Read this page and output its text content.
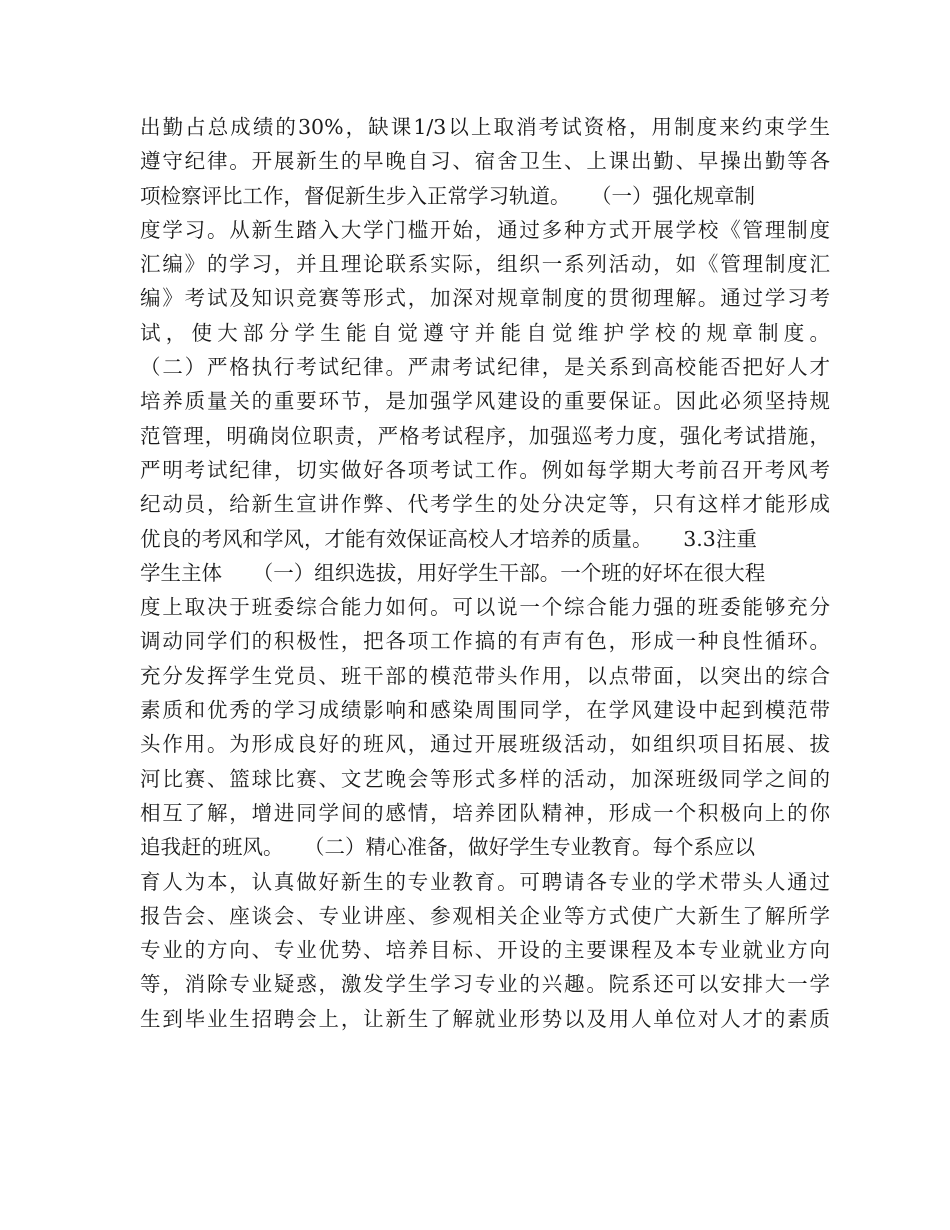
出勤占总成绩的30%，缺课1/3以上取消考试资格，用制度来约束学生
遵守纪律。开展新生的早晚自习、宿舍卫生、上课出勤、早操出勤等各
项检察评比工作，督促新生步入正常学习轨道。　　（一）强化规章制
度学习。从新生踏入大学门槛开始，通过多种方式开展学校《管理制度
汇编》的学习，并且理论联系实际，组织一系列活动，如《管理制度汇
编》考试及知识竞赛等形式，加深对规章制度的贯彻理解。通过学习考
试，使大部分学生能自觉遵守并能自觉维护学校的规章制度。
（二）严格执行考试纪律。严肃考试纪律，是关系到高校能否把好人才
培养质量关的重要环节，是加强学风建设的重要保证。因此必须坚持规
范管理，明确岗位职责，严格考试程序，加强巡考力度，强化考试措施，
严明考试纪律，切实做好各项考试工作。例如每学期大考前召开考风考
纪动员，给新生宣讲作弊、代考学生的处分决定等，只有这样才能形成
优良的考风和学风，才能有效保证高校人才培养的质量。　　3.3注重
学生主体　　（一）组织选拔，用好学生干部。一个班的好坏在很大程
度上取决于班委综合能力如何。可以说一个综合能力强的班委能够充分
调动同学们的积极性，把各项工作搞的有声有色，形成一种良性循环。
充分发挥学生党员、班干部的模范带头作用，以点带面，以突出的综合
素质和优秀的学习成绩影响和感染周围同学，在学风建设中起到模范带
头作用。为形成良好的班风，通过开展班级活动，如组织项目拓展、拔
河比赛、篮球比赛、文艺晚会等形式多样的活动，加深班级同学之间的
相互了解，增进同学间的感情，培养团队精神，形成一个积极向上的你
追我赶的班风。　　（二）精心准备，做好学生专业教育。每个系应以
育人为本，认真做好新生的专业教育。可聘请各专业的学术带头人通过
报告会、座谈会、专业讲座、参观相关企业等方式使广大新生了解所学
专业的方向、专业优势、培养目标、开设的主要课程及本专业就业方向
等，消除专业疑惑，激发学生学习专业的兴趣。院系还可以安排大一学
生到毕业生招聘会上，让新生了解就业形势以及用人单位对人才的素质
